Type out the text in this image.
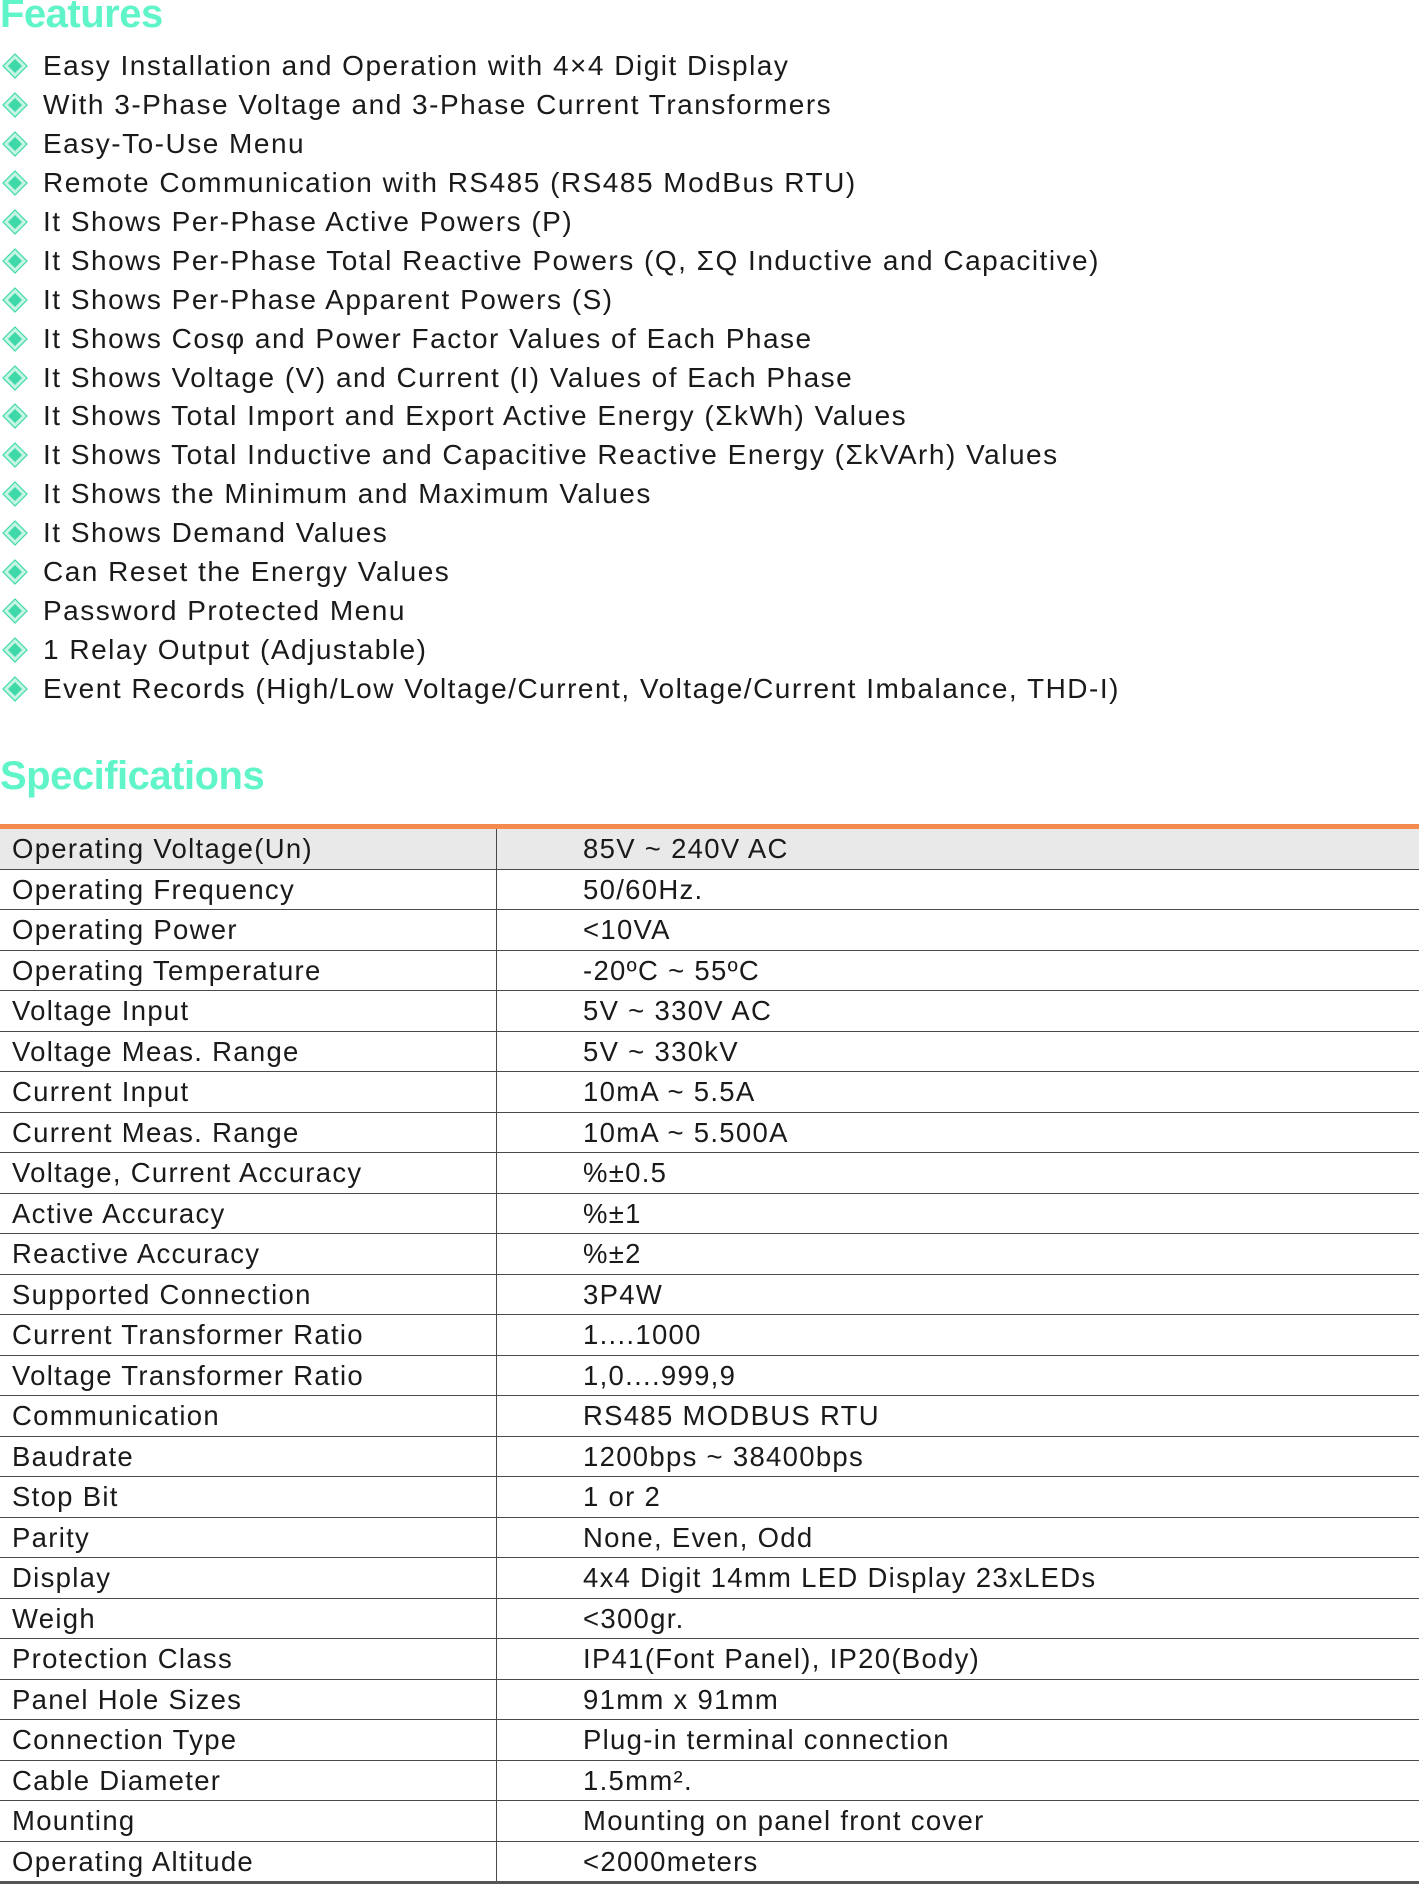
Features
Easy Installation and Operation with 4×4 Digit Display
With 3-Phase Voltage and 3-Phase Current Transformers
Easy-To-Use Menu
Remote Communication with RS485 (RS485 ModBus RTU)
It Shows Per-Phase Active Powers (P)
It Shows Per-Phase Total Reactive Powers (Q, ΣQ Inductive and Capacitive)
It Shows Per-Phase Apparent Powers (S)
It Shows Cosφ and Power Factor Values of Each Phase
It Shows Voltage (V) and Current (I) Values of Each Phase
It Shows Total Import and Export Active Energy (ΣkWh) Values
It Shows Total Inductive and Capacitive Reactive Energy (ΣkVArh) Values
It Shows the Minimum and Maximum Values
It Shows Demand Values
Can Reset the Energy Values
Password Protected Menu
1 Relay Output (Adjustable)
Event Records (High/Low Voltage/Current, Voltage/Current Imbalance, THD-I)
Specifications
Operating Voltage(Un)	85V ~ 240V AC
Operating Frequency	50/60Hz.
Operating Power	<10VA
Operating Temperature	-20ºC ~ 55ºC
Voltage Input	5V ~ 330V AC
Voltage Meas. Range	5V ~ 330kV
Current Input	10mA ~ 5.5A
Current Meas. Range	10mA ~ 5.500A
Voltage, Current Accuracy	%±0.5
Active Accuracy	%±1
Reactive Accuracy	%±2
Supported Connection	3P4W
Current Transformer Ratio	1....1000
Voltage Transformer Ratio	1,0....999,9
Communication	RS485 MODBUS RTU
Baudrate	1200bps ~ 38400bps
Stop Bit	1 or 2
Parity	None, Even, Odd
Display	4x4 Digit 14mm LED Display 23xLEDs
Weigh	<300gr.
Protection Class	IP41(Font Panel), IP20(Body)
Panel Hole Sizes	91mm x 91mm
Connection Type	Plug-in terminal connection
Cable Diameter	1.5mm².
Mounting	Mounting on panel front cover
Operating Altitude	<2000meters
